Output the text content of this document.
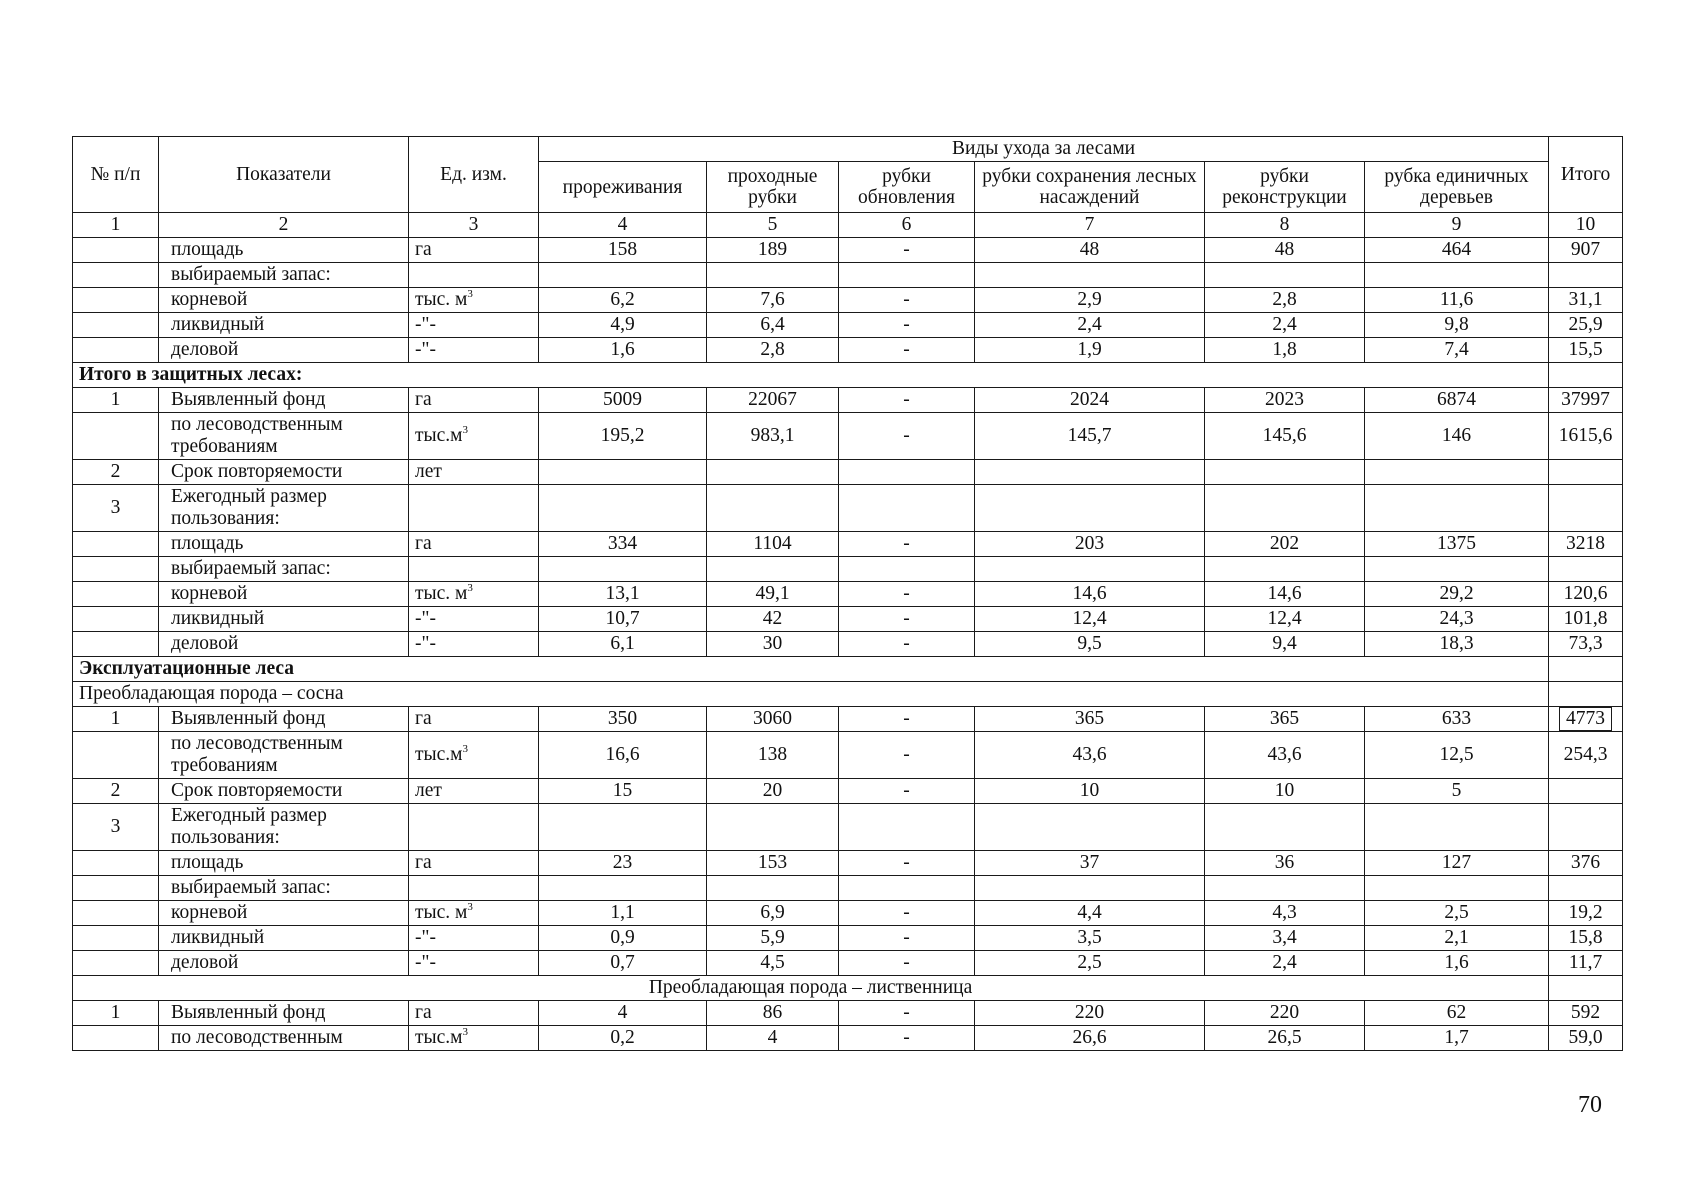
№ п/п	Показатели	Ед. изм.	Виды ухода за лесами						Итого
			прореживания	проходные рубки	рубки обновления	рубки сохранения лесных насаждений	рубки реконструкции	рубка единичных деревьев	
1	2	3	4	5	6	7	8	9	10
	площадь	га	158	189	-	48	48	464	907
	выбираемый запас:								
	корневой	тыс. $м^3$	6,2	7,6	-	2,9	2,8	11,6	31,1
	ликвидный	-"-	4,9	6,4	-	2,4	2,4	9,8	25,9
	деловой	-"-	1,6	2,8	-	1,9	1,8	7,4	15,5
Итого в защитных лесах:									
1	Выявленный фонд	га	5009	22067	-	2024	2023	6874	37997
	по лесоводственным требованиям	$тыс.м^3$	195,2	983,1	-	145,7	145,6	146	1615,6
2	Срок повторяемости	лет							
3	Ежегодный размер пользования:								
	площадь	га	334	1104	-	203	202	1375	3218
	выбираемый запас:								
	корневой	тыс. $м^3$	13,1	49,1	-	14,6	14,6	29,2	120,6
	ликвидный	-"-	10,7	42	-	12,4	12,4	24,3	101,8
	деловой	-"-	6,1	30	-	9,5	9,4	18,3	73,3
Эксплуатационные леса									
Преобладающая порода – сосна									
1	Выявленный фонд	га	350	3060	-	365	365	633	4773
	по лесоводственным требованиям	$тыс.м^3$	16,6	138	-	43,6	43,6	12,5	254,3
2	Срок повторяемости	лет	15	20	-	10	10	5	
3	Ежегодный размер пользования:								
	площадь	га	23	153	-	37	36	127	376
	выбираемый запас:								
	корневой	тыс. $м^3$	1,1	6,9	-	4,4	4,3	2,5	19,2
	ликвидный	-"-	0,9	5,9	-	3,5	3,4	2,1	15,8
	деловой	-"-	0,7	4,5	-	2,5	2,4	1,6	11,7
Преобладающая порода – лиственница									
1	Выявленный фонд	га	4	86	-	220	220	62	592
	по лесоводственным	$тыс.м^3$	0,2	4	-	26,6	26,5	1,7	59,0
70
